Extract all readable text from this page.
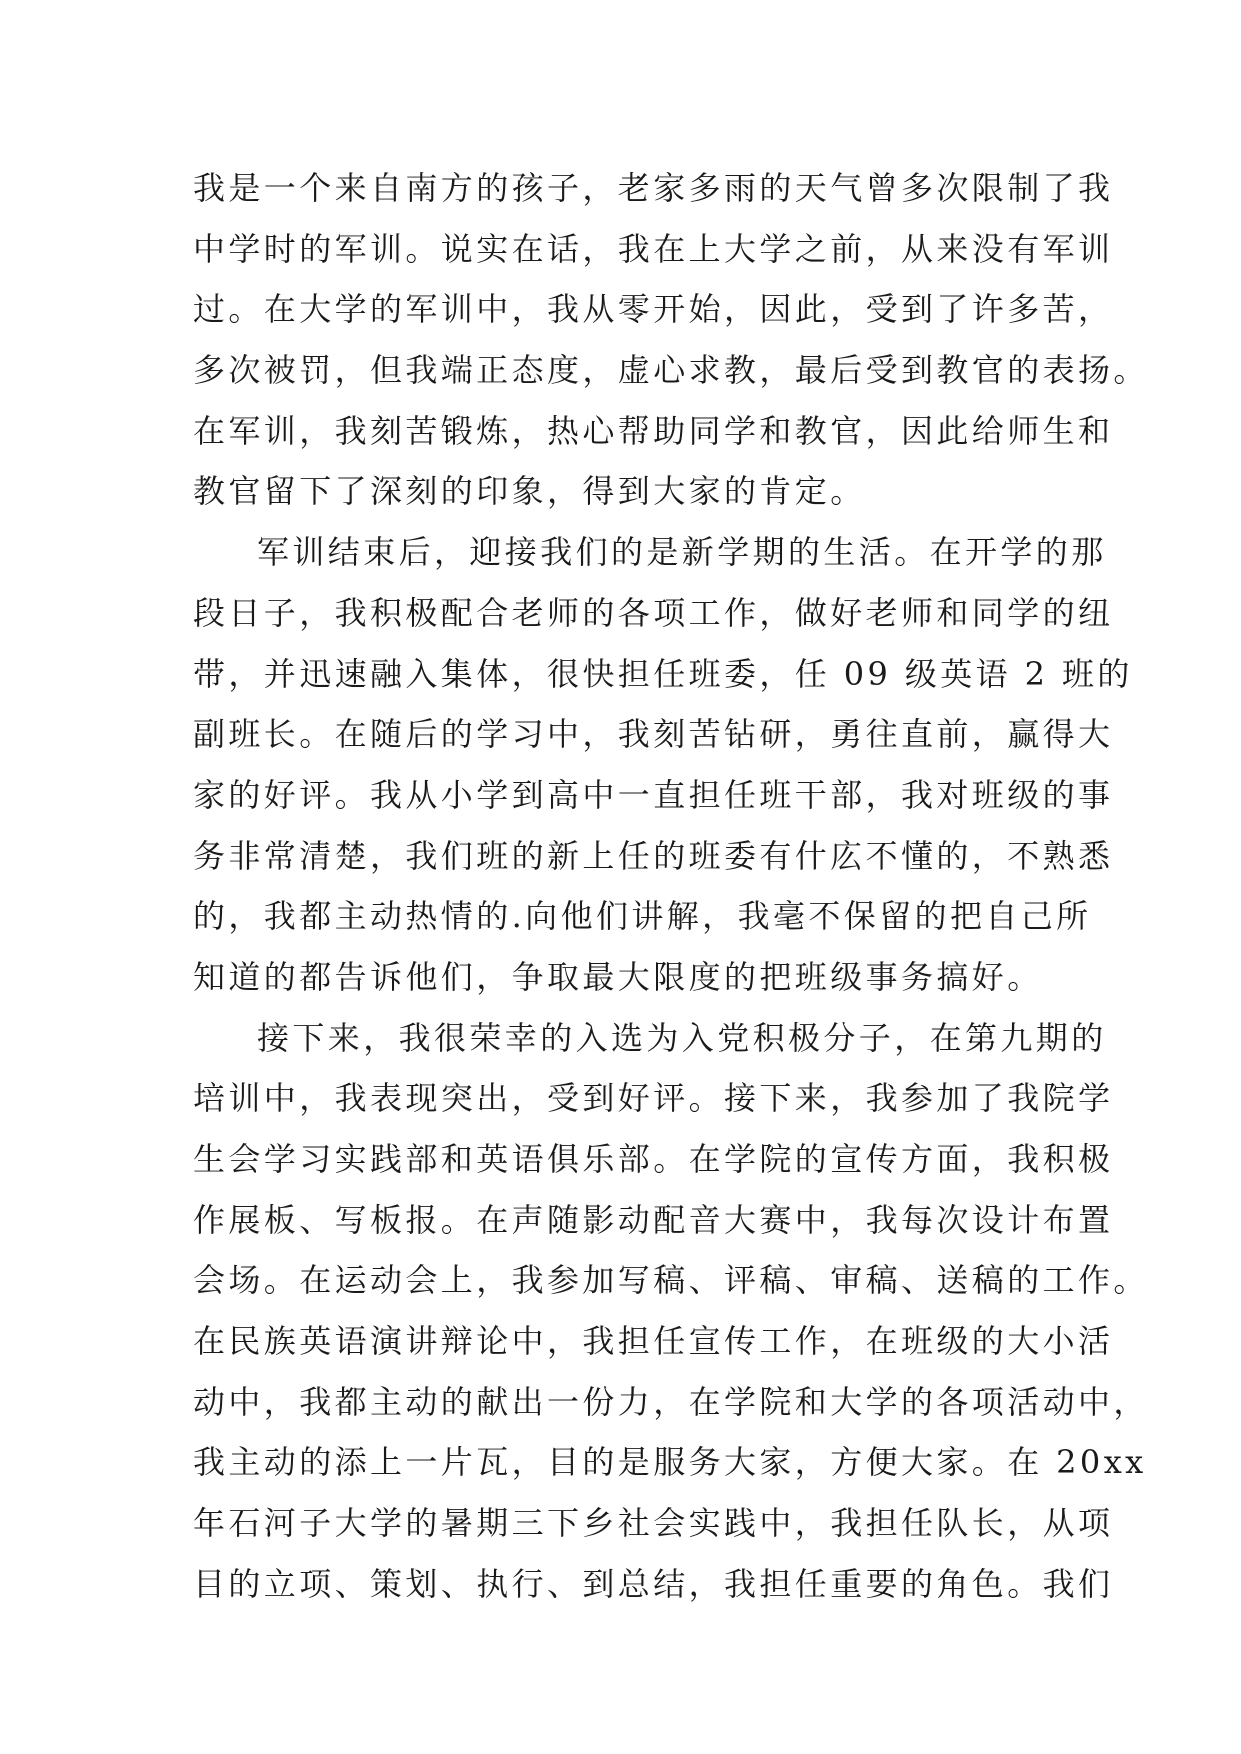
我是一个来自南方的孩子，老家多雨的天气曾多次限制了我
中学时的军训。说实在话，我在上大学之前，从来没有军训
过。在大学的军训中，我从零开始，因此，受到了许多苦，
多次被罚，但我端正态度，虚心求教，最后受到教官的表扬。
在军训，我刻苦锻炼，热心帮助同学和教官，因此给师生和
教官留下了深刻的印象，得到大家的肯定。
军训结束后，迎接我们的是新学期的生活。在开学的那
段日子，我积极配合老师的各项工作，做好老师和同学的纽
带，并迅速融入集体，很快担任班委，任 09 级英语 2 班的
副班长。在随后的学习中，我刻苦钻研，勇往直前，赢得大
家的好评。我从小学到高中一直担任班干部，我对班级的事
务非常清楚，我们班的新上任的班委有什庅不懂的，不熟悉
的，我都主动热情的.向他们讲解，我毫不保留的把自己所
知道的都告诉他们，争取最大限度的把班级事务搞好。
接下来，我很荣幸的入选为入党积极分子，在第九期的
培训中，我表现突出，受到好评。接下来，我参加了我院学
生会学习实践部和英语俱乐部。在学院的宣传方面，我积极
作展板、写板报。在声随影动配音大赛中，我每次设计布置
会场。在运动会上，我参加写稿、评稿、审稿、送稿的工作。
在民族英语演讲辩论中，我担任宣传工作，在班级的大小活
动中，我都主动的献出一份力，在学院和大学的各项活动中，
我主动的添上一片瓦，目的是服务大家，方便大家。在 20xx
年石河子大学的暑期三下乡社会实践中，我担任队长，从项
目的立项、策划、执行、到总结，我担任重要的角色。我们
